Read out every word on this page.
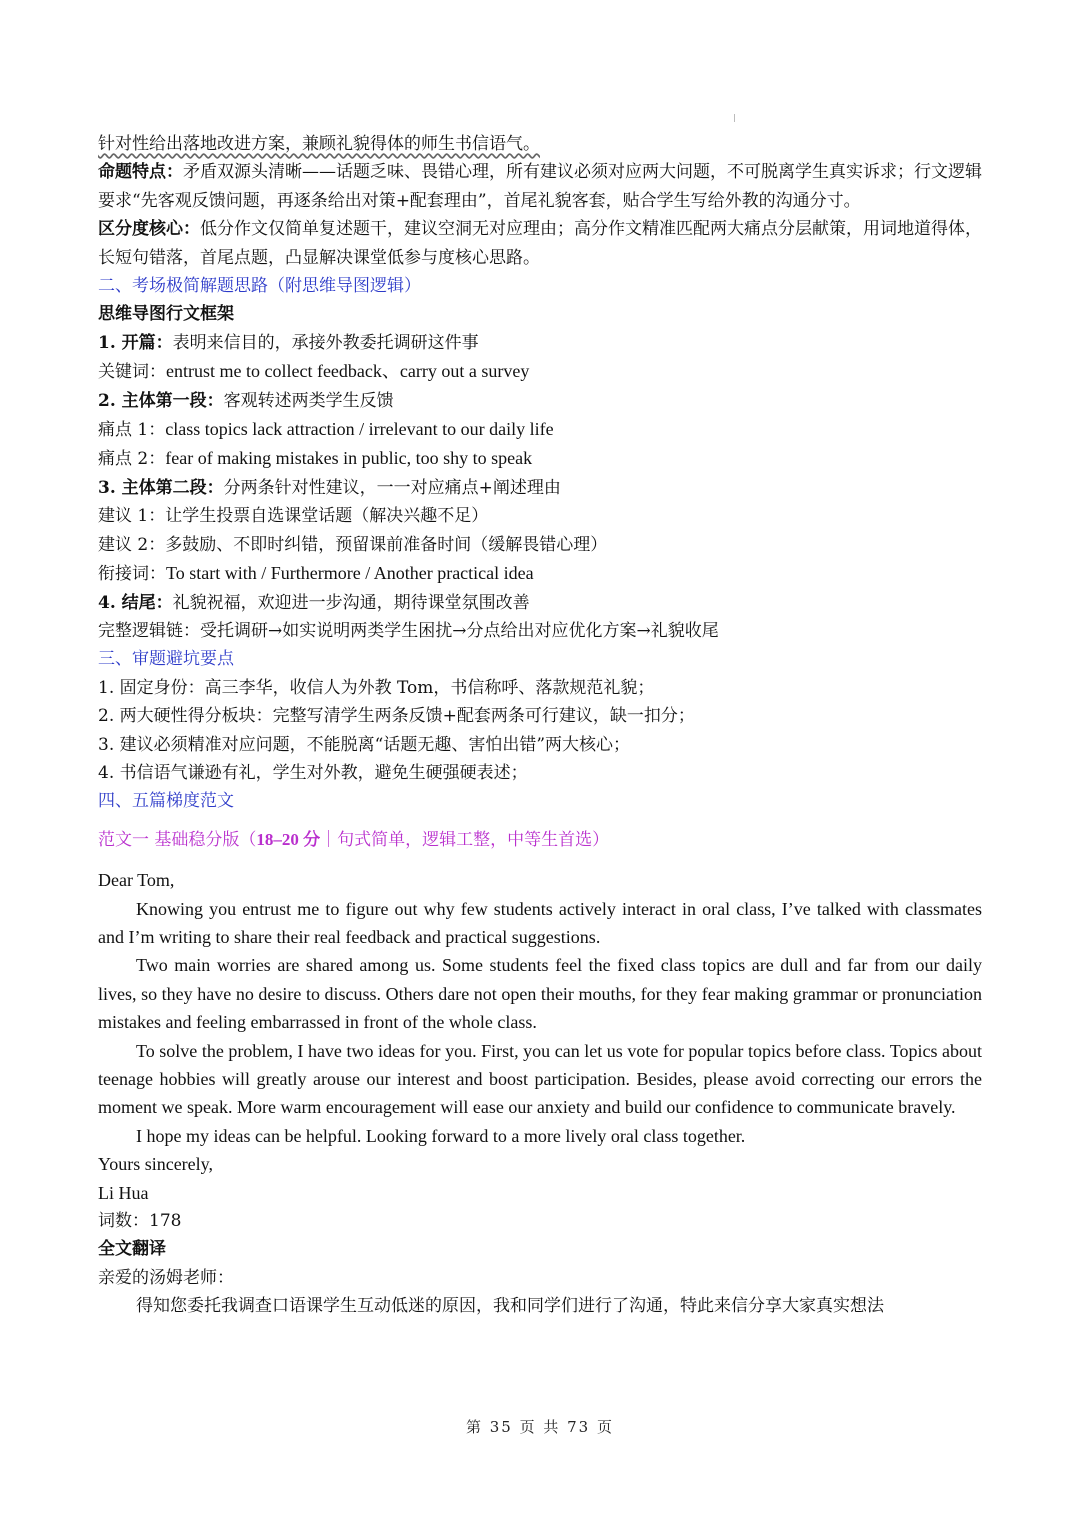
针对性给出落地改进方案，兼顾礼貌得体的师生书信语气。

命题特点：矛盾双源头清晰——话题乏味、畏错心理，所有建议必须对应两大问题，不可脱离学生真实诉求；行文逻辑要求“先客观反馈问题，再逐条给出对策+配套理由”，首尾礼貌客套，贴合学生写给外教的沟通分寸。

区分度核心：低分作文仅简单复述题干，建议空洞无对应理由；高分作文精准匹配两大痛点分层献策，用词地道得体，长短句错落，首尾点题，凸显解决课堂低参与度核心思路。

二、考场极简解题思路（附思维导图逻辑）

思维导图行文框架

1. 开篇：表明来信目的，承接外教委托调研这件事

关键词：entrust me to collect feedback、carry out a survey

2. 主体第一段：客观转述两类学生反馈

痛点 1：class topics lack attraction / irrelevant to our daily life

痛点 2：fear of making mistakes in public, too shy to speak

3. 主体第二段：分两条针对性建议，一一对应痛点+阐述理由

建议 1：让学生投票自选课堂话题（解决兴趣不足）

建议 2：多鼓励、不即时纠错，预留课前准备时间（缓解畏错心理）

衔接词：To start with / Furthermore / Another practical idea

4. 结尾：礼貌祝福，欢迎进一步沟通，期待课堂氛围改善

完整逻辑链：受托调研→如实说明两类学生困扰→分点给出对应优化方案→礼貌收尾

三、审题避坑要点

1. 固定身份：高三李华，收信人为外教 Tom，书信称呼、落款规范礼貌；

2. 两大硬性得分板块：完整写清学生两条反馈+配套两条可行建议，缺一扣分；

3. 建议必须精准对应问题，不能脱离“话题无趣、害怕出错”两大核心；

4. 书信语气谦逊有礼，学生对外教，避免生硬强硬表述；

四、五篇梯度范文

范文一 基础稳分版（18–20 分｜句式简单，逻辑工整，中等生首选）

Dear Tom,

Knowing you entrust me to figure out why few students actively interact in oral class, I’ve talked with classmates and I’m writing to share their real feedback and practical suggestions.

Two main worries are shared among us. Some students feel the fixed class topics are dull and far from our daily lives, so they have no desire to discuss. Others dare not open their mouths, for they fear making grammar or pronunciation mistakes and feeling embarrassed in front of the whole class.

To solve the problem, I have two ideas for you. First, you can let us vote for popular topics before class. Topics about teenage hobbies will greatly arouse our interest and boost participation. Besides, please avoid correcting our errors the moment we speak. More warm encouragement will ease our anxiety and build our confidence to communicate bravely.

I hope my ideas can be helpful. Looking forward to a more lively oral class together.

Yours sincerely,

Li Hua

词数：178

全文翻译

亲爱的汤姆老师：

得知您委托我调查口语课学生互动低迷的原因，我和同学们进行了沟通，特此来信分享大家真实想法

第 35 页 共 73 页
